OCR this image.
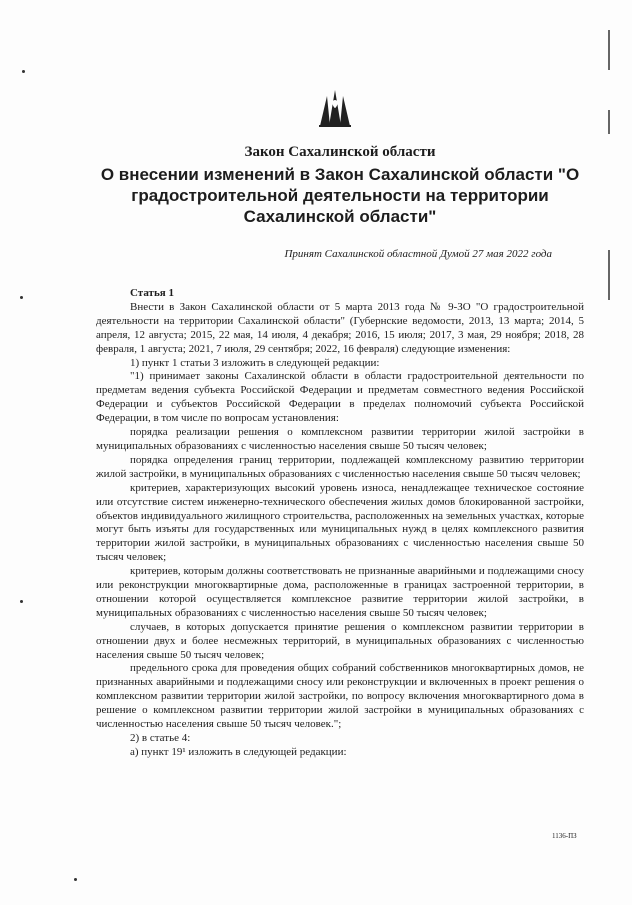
Закон Сахалинской области
О внесении изменений в Закон Сахалинской области "О градостроительной деятельности на территории Сахалинской области"
Принят Сахалинской областной Думой 27 мая 2022 года

Статья 1

Внести в Закон Сахалинской области от 5 марта 2013 года № 9-ЗО "О градостроительной деятельности на территории Сахалинской области" (Губернские ведомости, 2013, 13 марта; 2014, 5 апреля, 12 августа; 2015, 22 мая, 14 июля, 4 декабря; 2016, 15 июля; 2017, 3 мая, 29 ноября; 2018, 28 февраля, 1 августа; 2021, 7 июля, 29 сентября; 2022, 16 февраля) следующие изменения:

1) пункт 1 статьи 3 изложить в следующей редакции:

"1) принимает законы Сахалинской области в области градостроительной деятельности по предметам ведения субъекта Российской Федерации и предметам совместного ведения Российской Федерации и субъектов Российской Федерации в пределах полномочий субъекта Российской Федерации, в том числе по вопросам установления:

порядка реализации решения о комплексном развитии территории жилой застройки в муниципальных образованиях с численностью населения свыше 50 тысяч человек;

порядка определения границ территории, подлежащей комплексному развитию территории жилой застройки, в муниципальных образованиях с численностью населения свыше 50 тысяч человек;

критериев, характеризующих высокий уровень износа, ненадлежащее техническое состояние или отсутствие систем инженерно-технического обеспечения жилых домов блокированной застройки, объектов индивидуального жилищного строительства, расположенных на земельных участках, которые могут быть изъяты для государственных или муниципальных нужд в целях комплексного развития территории жилой застройки, в муниципальных образованиях с численностью населения свыше 50 тысяч человек;

критериев, которым должны соответствовать не признанные аварийными и подлежащими сносу или реконструкции многоквартирные дома, расположенные в границах застроенной территории, в отношении которой осуществляется комплексное развитие территории жилой застройки, в муниципальных образованиях с численностью населения свыше 50 тысяч человек;

случаев, в которых допускается принятие решения о комплексном развитии территории в отношении двух и более несмежных территорий, в муниципальных образованиях с численностью населения свыше 50 тысяч человек;

предельного срока для проведения общих собраний собственников многоквартирных домов, не признанных аварийными и подлежащими сносу или реконструкции и включенных в проект решения о комплексном развитии территории жилой застройки, по вопросу включения многоквартирного дома в решение о комплексном развитии территории жилой застройки в муниципальных образованиях с численностью населения свыше 50 тысяч человек.";

2) в статье 4:

а) пункт 19¹ изложить в следующей редакции:

1136-ПЗ
